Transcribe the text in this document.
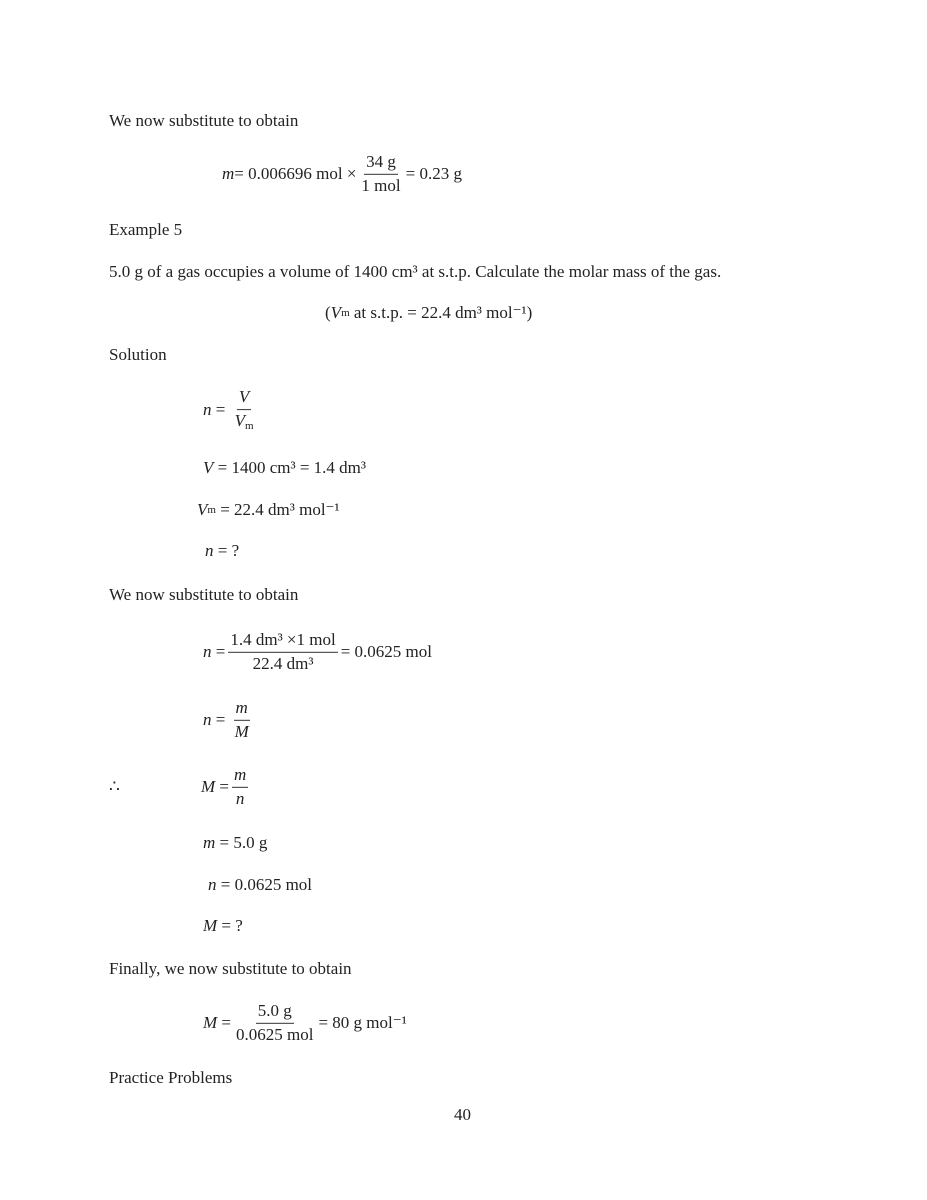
We now substitute to obtain
m = 0.006696 mol × $\frac{34 g}{\text{1 mol}} = 0.23$ g
Example 5
5.0 g of a gas occupies a volume of 1400 cm³ at s.t.p. Calculate the molar mass of the gas.
( V m at s.t.p. = 22.4 dm³ mol⁻¹)
Solution
$n = \frac{V}{V_m}$
V = 1400 cm³ = 1.4 dm³
V m = 22.4 dm³ mol⁻¹
n = ?
We now substitute to obtain
$n = \frac{\text{1.4 dm³ ×1 mol}}{\text{22.4 dm³}} = 0.0625$ mol
$n = \frac{m}{M}$
∴	$M = \frac{m}{n}$
m = 5.0 g
n = 0.0625 mol
M = ?
Finally, we now substitute to obtain
$M = \frac{5.0 g}{\text{0.0625 mol}} = 80$ g mol⁻¹
Practice Problems
40
